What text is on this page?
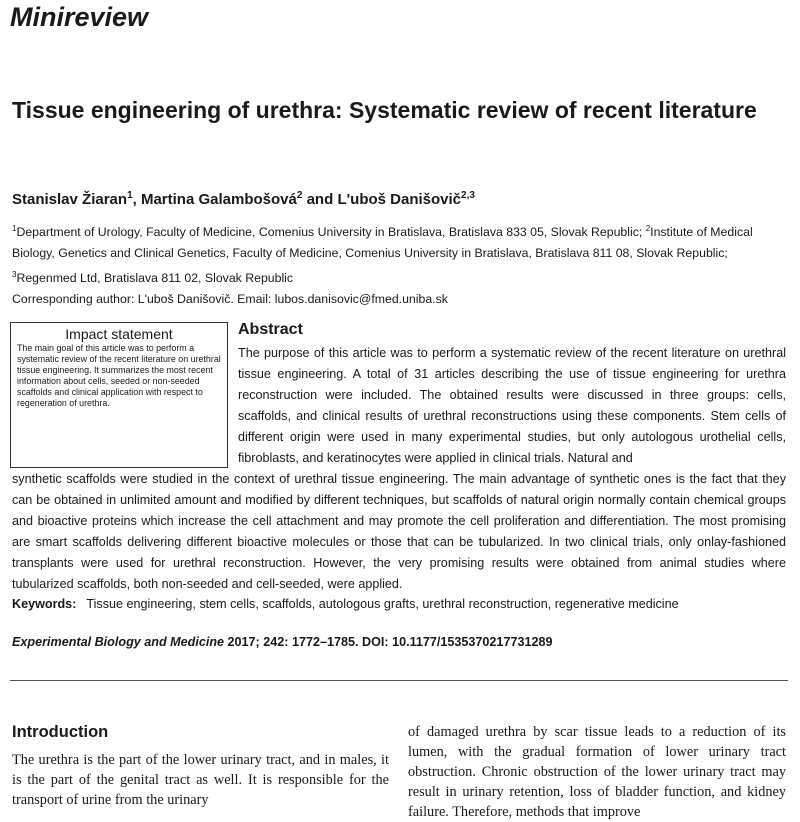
Minireview
Tissue engineering of urethra: Systematic review of recent literature
Stanislav Žiaran$^1$, Martina Galambošová$^2$ and L'uboš Danišovič$^{2,3}$
$^1$Department of Urology, Faculty of Medicine, Comenius University in Bratislava, Bratislava 833 05, Slovak Republic; $^2$Institute of Medical Biology, Genetics and Clinical Genetics, Faculty of Medicine, Comenius University in Bratislava, Bratislava 811 08, Slovak Republic;
$^3$Regenmed Ltd, Bratislava 811 02, Slovak Republic
Corresponding author: L'uboš Danišovič. Email: lubos.danisovic@fmed.uniba.sk
Impact statement
The main goal of this article was to perform a systematic review of the recent literature on urethral tissue engineering. It summarizes the most recent information about cells, seeded or non-seeded scaffolds and clinical application with respect to regeneration of urethra.
Abstract
The purpose of this article was to perform a systematic review of the recent literature on urethral tissue engineering. A total of 31 articles describing the use of tissue engineering for urethra reconstruction were included. The obtained results were discussed in three groups: cells, scaffolds, and clinical results of urethral reconstructions using these components. Stem cells of different origin were used in many experimental studies, but only autologous urothelial cells, fibroblasts, and keratinocytes were applied in clinical trials. Natural and
synthetic scaffolds were studied in the context of urethral tissue engineering. The main advantage of synthetic ones is the fact that they can be obtained in unlimited amount and modified by different techniques, but scaffolds of natural origin normally contain chemical groups and bioactive proteins which increase the cell attachment and may promote the cell proliferation and differentiation. The most promising are smart scaffolds delivering different bioactive molecules or those that can be tubularized. In two clinical trials, only onlay-fashioned transplants were used for urethral reconstruction. However, the very promising results were obtained from animal studies where tubularized scaffolds, both non-seeded and cell-seeded, were applied.
Keywords: Tissue engineering, stem cells, scaffolds, autologous grafts, urethral reconstruction, regenerative medicine
Experimental Biology and Medicine 2017; 242: 1772–1785. DOI: 10.1177/1535370217731289
Introduction
The urethra is the part of the lower urinary tract, and in males, it is the part of the genital tract as well. It is responsible for the transport of urine from the urinary
of damaged urethra by scar tissue leads to a reduction of its lumen, with the gradual formation of lower urinary tract obstruction. Chronic obstruction of the lower urinary tract may result in urinary retention, loss of bladder function, and kidney failure. Therefore, methods that improve
